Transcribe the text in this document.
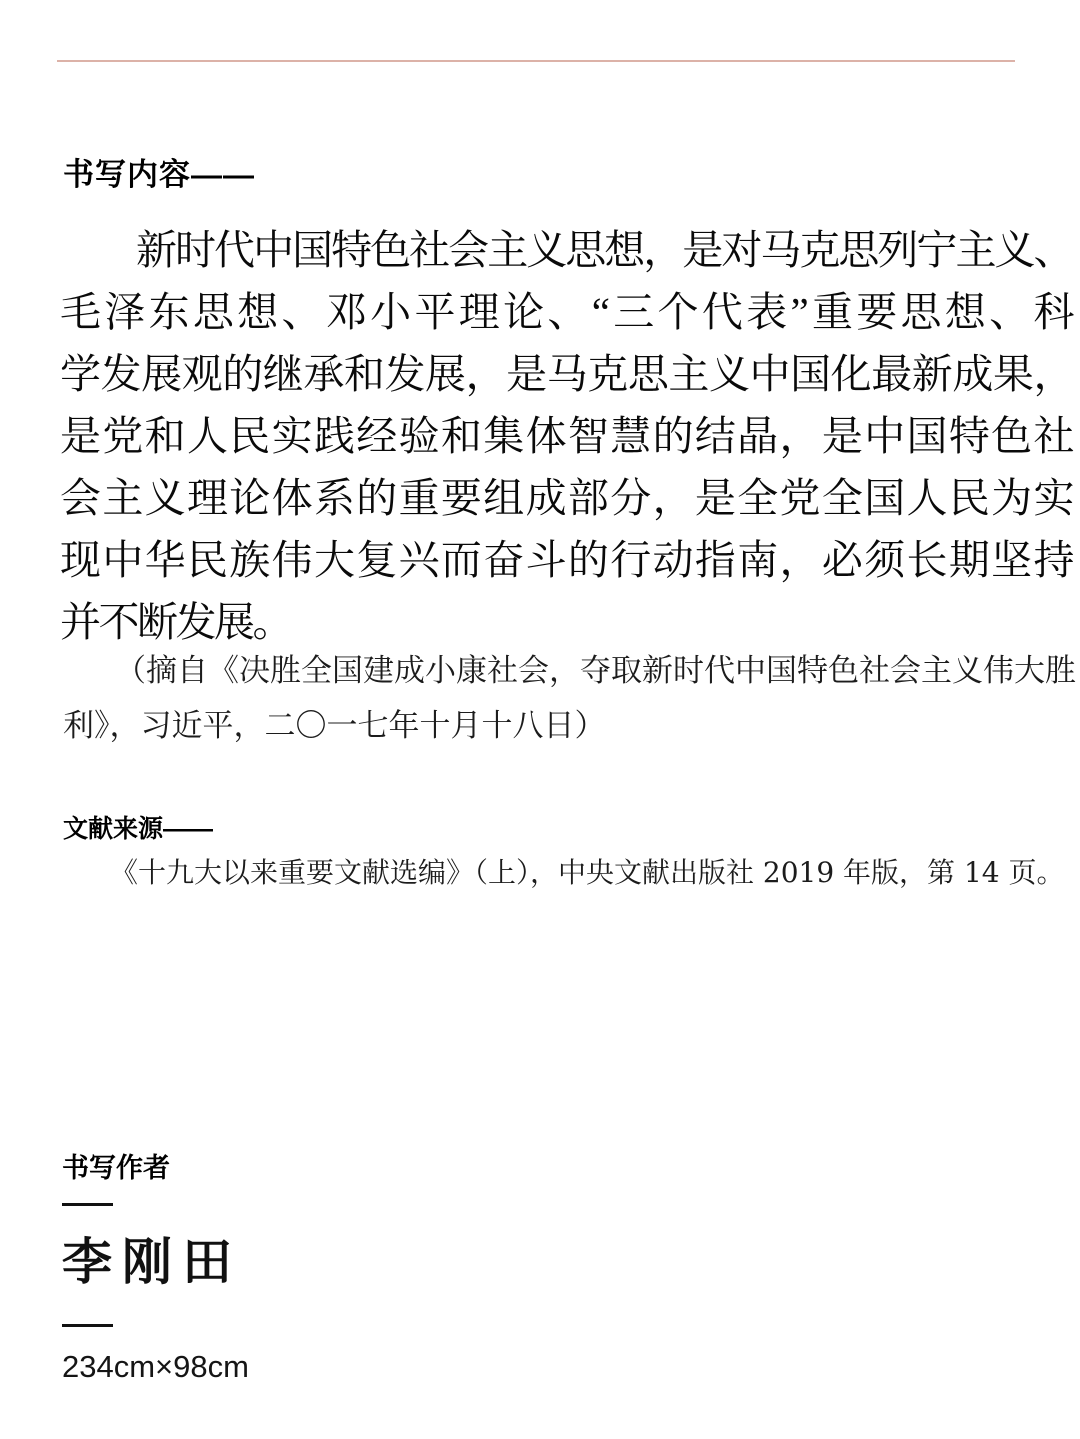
书写内容——
新时代中国特色社会主义思想，是对马克思列宁主义、
毛泽东思想、邓小平理论、“三个代表”重要思想、科
学发展观的继承和发展，是马克思主义中国化最新成果，
是党和人民实践经验和集体智慧的结晶，是中国特色社
会主义理论体系的重要组成部分，是全党全国人民为实
现中华民族伟大复兴而奋斗的行动指南，必须长期坚持
并不断发展。
（摘自《决胜全国建成小康社会，夺取新时代中国特色社会主义伟大胜
利》，习近平，二〇一七年十月十八日）
文献来源——
《十九大以来重要文献选编》（上），中央文献出版社 2019 年版，第 14 页。
书写作者
李刚田
234cm×98cm
